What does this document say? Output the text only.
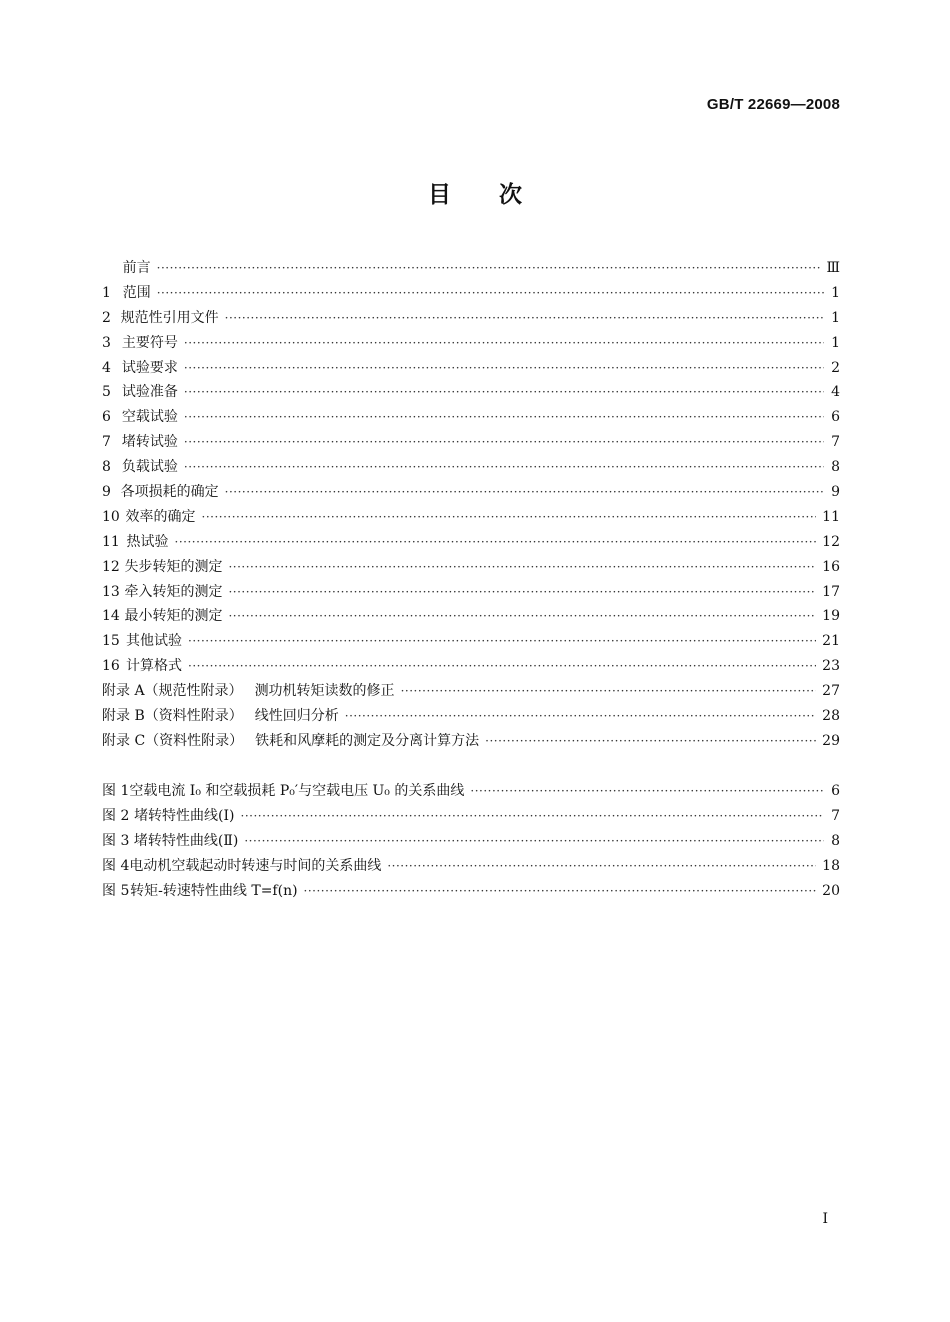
GB/T 22669—2008
目次
前言 ·····	Ⅲ
1 范围 ·····	1
2 规范性引用文件 ·····	1
3 主要符号 ·····	1
4 试验要求 ·····	2
5 试验准备 ·····	4
6 空载试验 ·····	6
7 堵转试验 ·····	7
8 负载试验 ·····	8
9 各项损耗的确定 ·····	9
10 效率的确定 ·····	11
11 热试验 ·····	12
12 失步转矩的测定 ·····	16
13 牵入转矩的测定 ·····	17
14 最小转矩的测定 ·····	19
15 其他试验 ·····	21
16 计算格式 ·····	23
附录 A（规范性附录） 测功机转矩读数的修正 ·····	27
附录 B（资料性附录） 线性回归分析 ·····	28
附录 C（资料性附录） 铁耗和风摩耗的测定及分离计算方法 ·····	29
图 1 空载电流 I₀ 和空载损耗 P₀′与空载电压 U₀ 的关系曲线 ·····	6
图 2 堵转特性曲线(Ⅰ) ·····	7
图 3 堵转特性曲线(Ⅱ) ·····	8
图 4 电动机空载起动时转速与时间的关系曲线 ·····	18
图 5 转矩-转速特性曲线 T=f(n) ·····	20
I
